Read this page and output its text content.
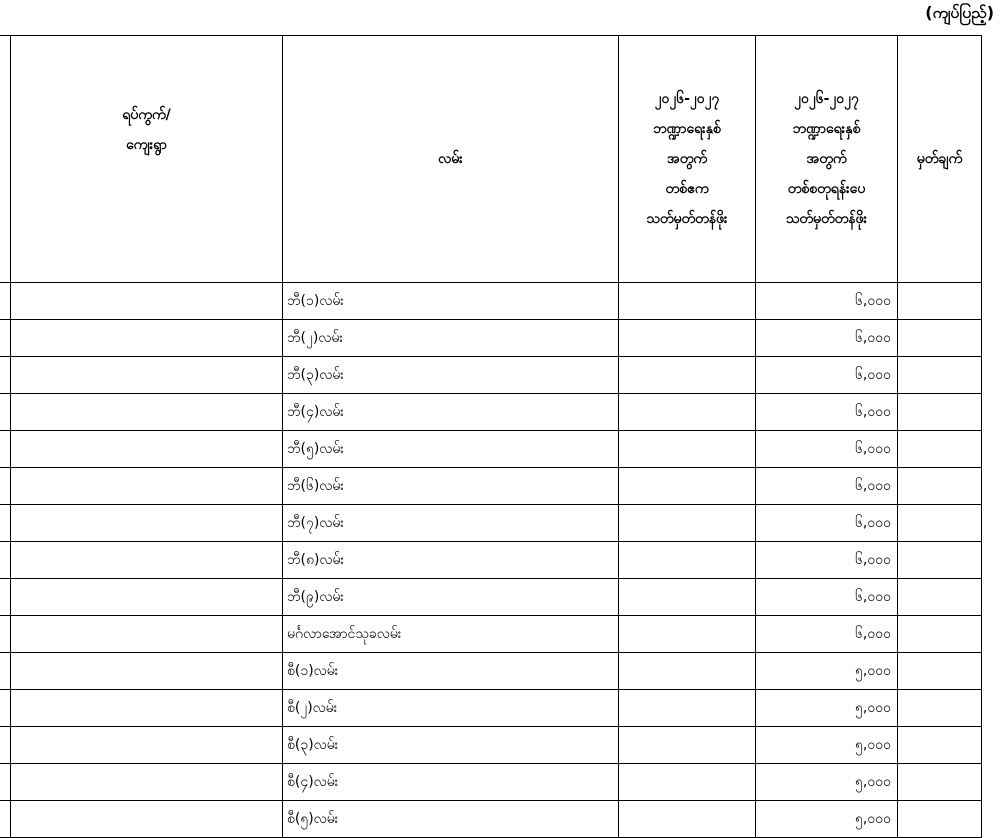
(ကျပ်ပြည့်)

	ရပ်ကွက်/
ကျေးရွာ	လမ်း	၂၀၂၆-၂၀၂၇
ဘဏ္ဍာရေးနှစ်
အတွက်
တစ်ဧက
သတ်မှတ်တန်ဖိုး	၂၀၂၆-၂၀၂၇
ဘဏ္ဍာရေးနှစ်
အတွက်
တစ်စတုရန်းပေ
သတ်မှတ်တန်ဖိုး	မှတ်ချက်
		ဘီ(၁)လမ်း		၆,၀၀၀	
		ဘီ(၂)လမ်း		၆,၀၀၀	
		ဘီ(၃)လမ်း		၆,၀၀၀	
		ဘီ(၄)လမ်း		၆,၀၀၀	
		ဘီ(၅)လမ်း		၆,၀၀၀	
		ဘီ(၆)လမ်း		၆,၀၀၀	
		ဘီ(၇)လမ်း		၆,၀၀၀	
		ဘီ(၈)လမ်း		၆,၀၀၀	
		ဘီ(၉)လမ်း		၆,၀၀၀	
		မင်္ဂလာအောင်သုခလမ်း		၆,၀၀၀	
		စီ(၁)လမ်း		၅,၀၀၀	
		စီ(၂)လမ်း		၅,၀၀၀	
		စီ(၃)လမ်း		၅,၀၀၀	
		စီ(၄)လမ်း		၅,၀၀၀	
		စီ(၅)လမ်း		၅,၀၀၀	
